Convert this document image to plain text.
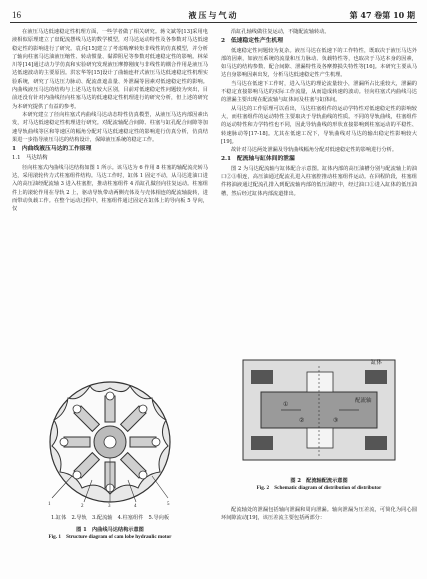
16	液压与气动	第 47 卷第 10 期

在液压马达低速稳定性机理方面，一些学者做了相关研究。蒋文斌等[13]采用电液相似原理建立了盘配流摆线马达的数学模型，对马达运动特性及各参数对马达低速稳定性的影响进行了研究。袁兵[15]建立了考虑啮摩转矩非线性的仿真模型，并分析了轴向柱塞马达油液压缩性、转动惯量、黏滞阻尼等参数对低速稳定性的影响。林荣川等[14]通过动力学仿真和实验研究发现液压摩擦刚度与非线性的耦合作用是液压马达低速波动的主要原因。洪宏华等[15]设计了曲轴连杆式液压马达低速稳定性机理实验系统，研究了马达压力脉动、配流盘遮盖量、外泄漏等因素对低速稳定性的影响。内曲线液压马达的结构与上述马达有较大区别，目前对低速稳定性问题较为突出，目前还没有针对内曲线径向柱塞马达的低速稳定性机理进行的研究分析，但上述的研究为本研究提供了有益的参考。

本研究建立了径向柱塞式内曲线马达动态特性仿真模型，从液压马达内部因素出发，对马达低速稳定性机理进行研究。对配流轴配合间隙、柱塞与缸孔配合间隙等加速导轨曲线等区和等速区的幅角分配对马达低速稳定性的影响进行仿真分析，仿真结果进一步指导液压马达的结构设计，保障液压系统的稳定工作。

1　内曲线液压马达的工作原理
1.1　马达结构

径向柱塞式内曲线马达结构如图 1 所示。该马达为 6 作用 8 柱塞的轴配流壳转马达，采用滚轮传力式柱塞组件结构。马达工作时，缸体 1 固定不动，从马达进油口进入的高压油经配流轴 3 进入柱塞腔，推动柱塞组件 4 沿缸孔做径向往复运动。柱塞组件上的滚轮作用在导轨 2 上，驱动导轨带动两侧壳体及与壳体相连的配流轴旋转，进而带动负载工作。在整个运动过程中，柱塞组件通过固定在缸体上的导向板 5 导向，仅

1	2	3	4	5
1.缸体　2.导轨　3.配流轴　4.柱塞组件　5.导向板
图 1　内曲线马达结构示意图
Fig. 1　Structure diagram of cam lobe hydraulic motor

沿缸孔轴线做往复运动，不随配流轴转动。

2　低速稳定性产生机理

低速稳定性问题较为复杂。液压马达在低速下的工作特性，既取决于液压马达外部的因素，如液压系统的流量和压力脉动、负载特性等，也取决于马达本身的因素，如马达的结构参数、配合间隙、泄漏特性及各摩擦损失特性等[16]。本研究主要从马达自身影响因素出发，分析马达低速稳定性产生机理。

当马达在低速下工作时，进入马达的理论流量较小，泄漏所占比重较大，泄漏的不稳定直接影响马达的实际工作流量，从而造成转速的波动。径向柱塞式内曲线马达的泄漏主要出现在配流轴与缸体间及柱塞与缸体间。

从马达的工作原理可以看出，马达柱塞组件的运动学特性对低速稳定性的影响较大，而柱塞组件的运动特性主要取决于导轨曲线的性质。不同的导轨曲线，柱塞组件的运动特性和力学特性也不同，因此导轨曲线的形状直接影响到柱塞运动的平稳性、转速脉动等[17-18]。尤其在低速工况下，导轨曲线对马达的输出稳定性影响较大[19]。

故针对马达两处泄漏及导轨曲线幅角分配对低速稳定性的影响进行分析。

2.1　配流轴与缸体间的泄漏

图 2 为马达配流轴与缸体配合示意图。缸体内部的高压油槽分别与配流轴上的油口②③相连，高压油通过配流孔进入柱塞腔推动柱塞组件运动。在回程阶段，柱塞组件将油液通过配流孔排入到配流轴内部的低压油腔中，经过油口①进入缸体的低压油槽，然后经过缸体内部流道排出。

①
②	③
缸体
配流轴
图 2　配流轴配流示意图
Fig. 2　Schematic diagram of distribution of distributor

配流轴处的泄漏包括轴向泄漏和周向泄漏。轴向泄漏为压差流，可简化为同心圆环间隙流动[19]，该压差流主要包括两部分：
